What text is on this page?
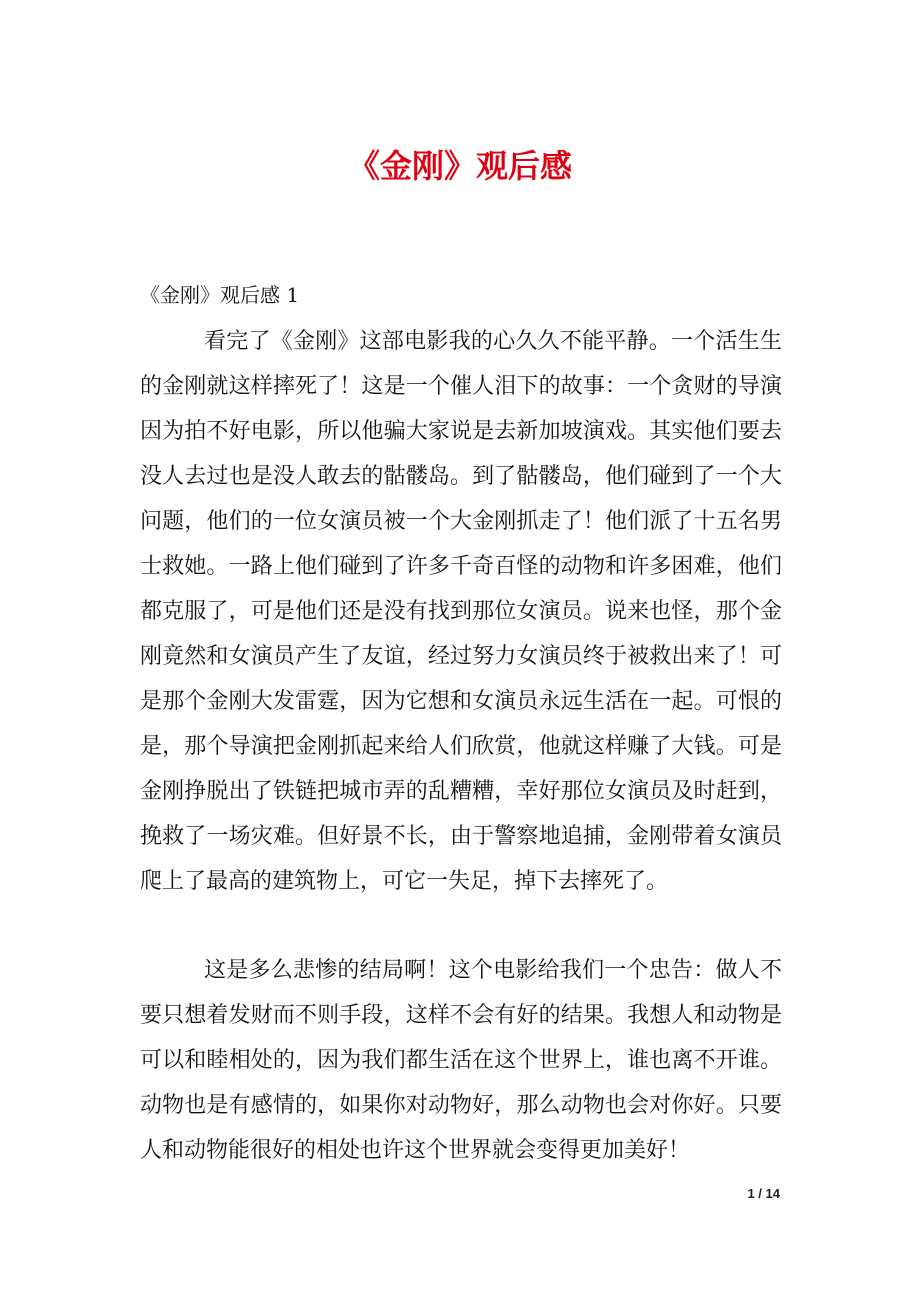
《金刚》观后感

《金刚》观后感 1

看完了《金刚》这部电影我的心久久不能平静。一个活生生的金刚就这样摔死了！这是一个催人泪下的故事：一个贪财的导演因为拍不好电影，所以他骗大家说是去新加坡演戏。其实他们要去没人去过也是没人敢去的骷髅岛。到了骷髅岛，他们碰到了一个大问题，他们的一位女演员被一个大金刚抓走了！他们派了十五名男士救她。一路上他们碰到了许多千奇百怪的动物和许多困难，他们都克服了，可是他们还是没有找到那位女演员。说来也怪，那个金刚竟然和女演员产生了友谊，经过努力女演员终于被救出来了！可是那个金刚大发雷霆，因为它想和女演员永远生活在一起。可恨的是，那个导演把金刚抓起来给人们欣赏，他就这样赚了大钱。可是金刚挣脱出了铁链把城市弄的乱糟糟，幸好那位女演员及时赶到，挽救了一场灾难。但好景不长，由于警察地追捕，金刚带着女演员爬上了最高的建筑物上，可它一失足，掉下去摔死了。

这是多么悲惨的结局啊！这个电影给我们一个忠告：做人不要只想着发财而不则手段，这样不会有好的结果。我想人和动物是可以和睦相处的，因为我们都生活在这个世界上，谁也离不开谁。动物也是有感情的，如果你对动物好，那么动物也会对你好。只要人和动物能很好的相处也许这个世界就会变得更加美好！

1 / 14
